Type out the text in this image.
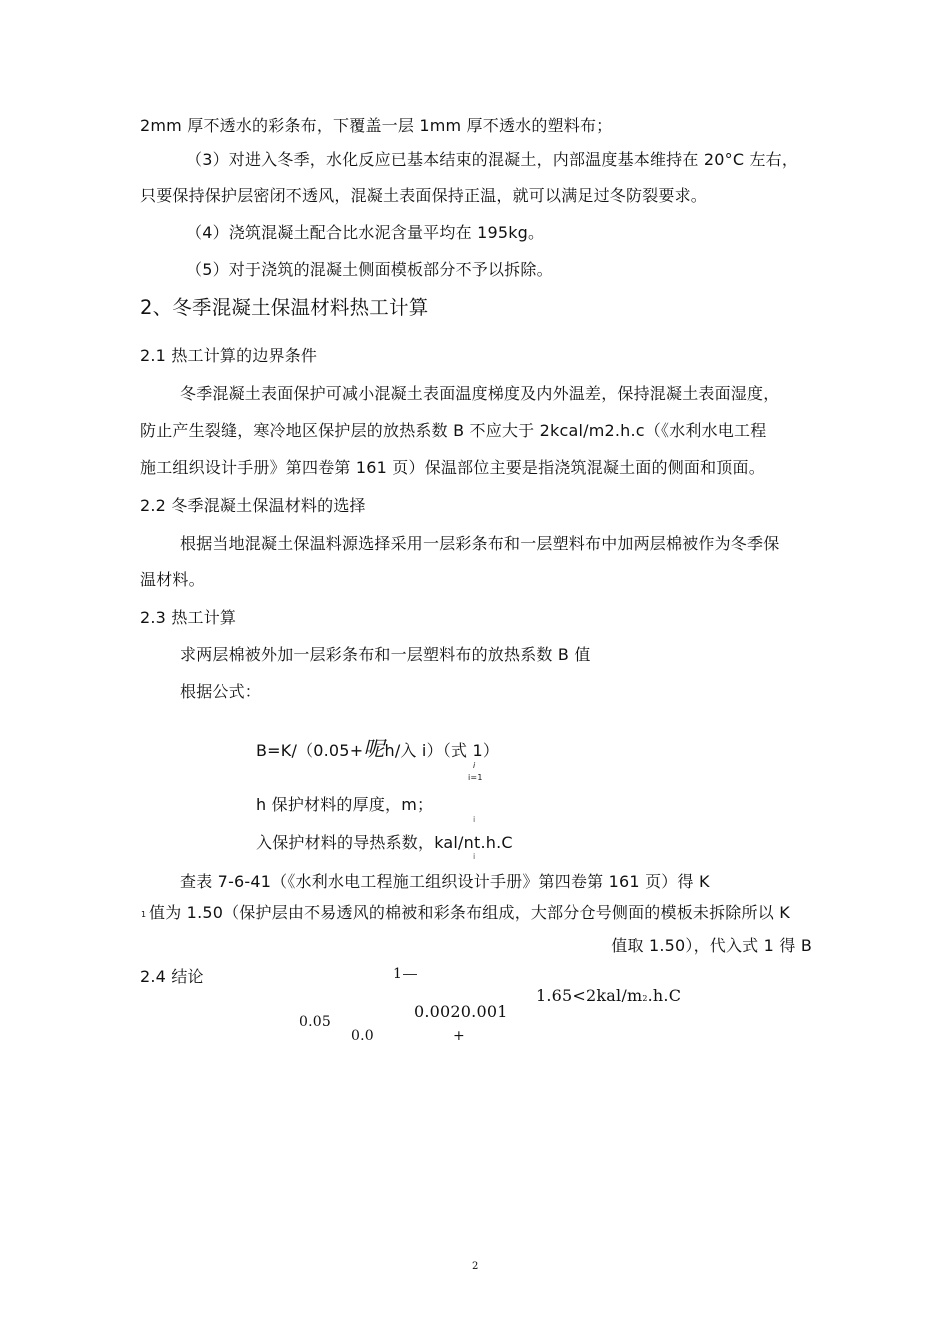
2mm 厚不透水的彩条布，下覆盖一层 1mm 厚不透水的塑料布；
（3）对进入冬季，水化反应已基本结束的混凝土，内部温度基本维持在 20°C 左右，
只要保持保护层密闭不透风，混凝土表面保持正温，就可以满足过冬防裂要求。
（4）浇筑混凝土配合比水泥含量平均在 195kg。
（5）对于浇筑的混凝土侧面模板部分不予以拆除。
2、冬季混凝土保温材料热工计算
2.1 热工计算的边界条件
冬季混凝土表面保护可减小混凝土表面温度梯度及内外温差，保持混凝土表面湿度，
防止产生裂缝，寒冷地区保护层的放热系数 B 不应大于 2kcal/m2.h.c（《水利水电工程
施工组织设计手册》第四卷第 161 页）保温部位主要是指浇筑混凝土面的侧面和顶面。
2.2 冬季混凝土保温材料的选择
根据当地混凝土保温料源选择采用一层彩条布和一层塑料布中加两层棉被作为冬季保
温材料。
2.3 热工计算
求两层棉被外加一层彩条布和一层塑料布的放热系数 B 值
根据公式：
B=K/（0.05+呢h/入 i）（式 1）
i
i=1
h 保护材料的厚度，m；
i
入保护材料的导热系数，kal/nt.h.C
i
查表 7-6-41（《水利水电工程施工组织设计手册》第四卷第 161 页）得 K
1 值为 1.50（保护层由不易透风的棉被和彩条布组成，大部分仓号侧面的模板未拆除所以 K
值取 1.50），代入式 1 得 B
2.4 结论	1
1.65<2kal/m2.h.C
0.0020.001
0.05
0.0	+
2
